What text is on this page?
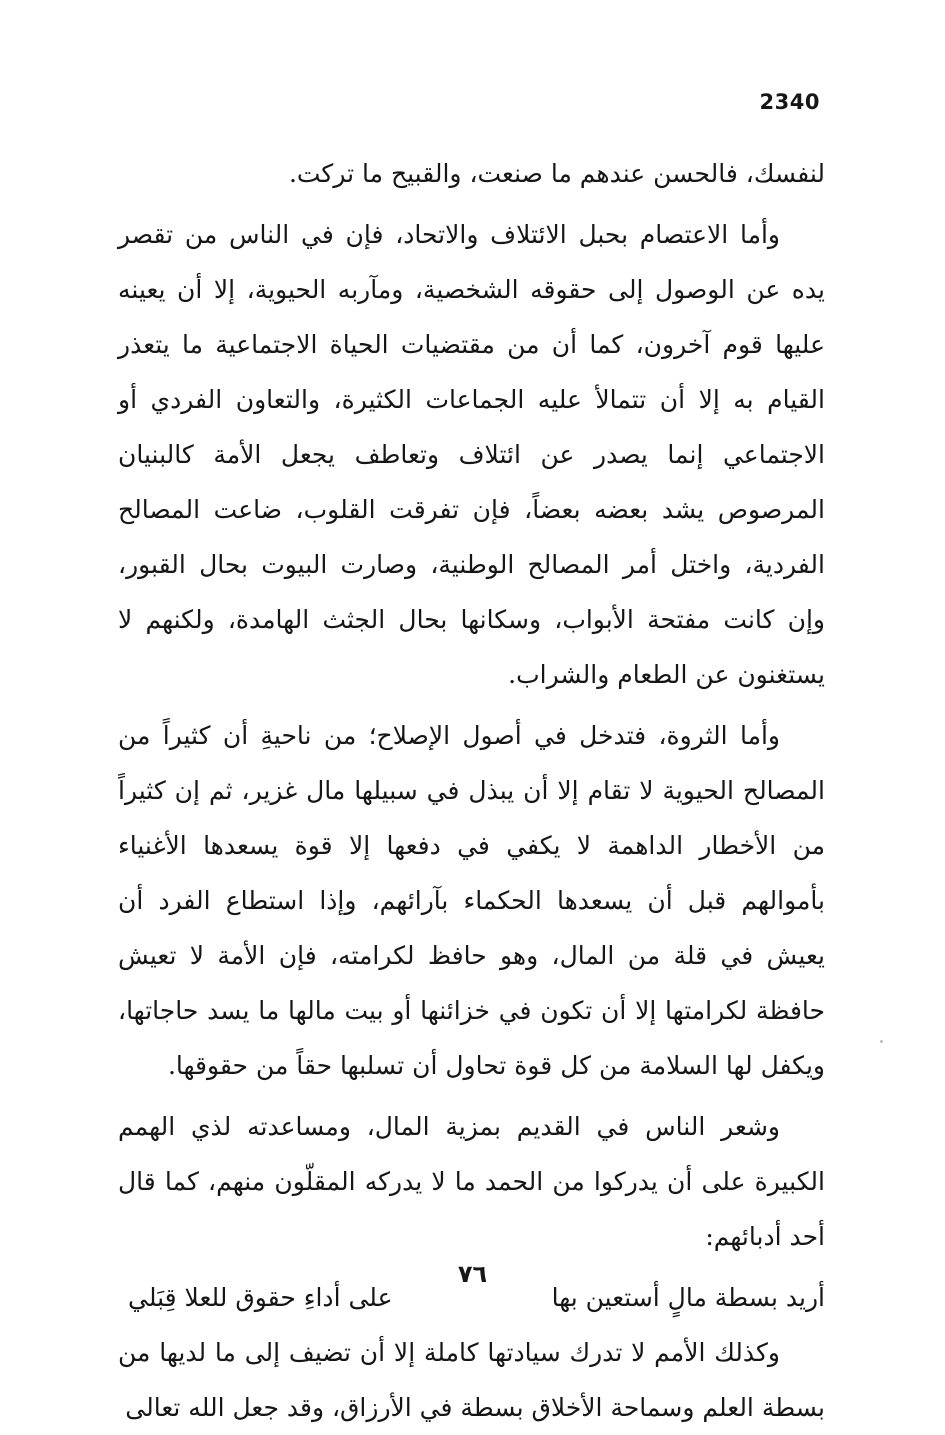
2340

لنفسك، فالحسن عندهم ما صنعت، والقبيح ما تركت.

وأما الاعتصام بحبل الائتلاف والاتحاد، فإن في الناس من تقصر يده عن الوصول إلى حقوقه الشخصية، ومآربه الحيوية، إلا أن يعينه عليها قوم آخرون، كما أن من مقتضيات الحياة الاجتماعية ما يتعذر القيام به إلا أن تتمالأ عليه الجماعات الكثيرة، والتعاون الفردي أو الاجتماعي إنما يصدر عن ائتلاف وتعاطف يجعل الأمة كالبنيان المرصوص يشد بعضه بعضاً، فإن تفرقت القلوب، ضاعت المصالح الفردية، واختل أمر المصالح الوطنية، وصارت البيوت بحال القبور، وإن كانت مفتحة الأبواب، وسكانها بحال الجثث الهامدة، ولكنهم لا يستغنون عن الطعام والشراب.

وأما الثروة، فتدخل في أصول الإصلاح؛ من ناحيةِ أن كثيراً من المصالح الحيوية لا تقام إلا أن يبذل في سبيلها مال غزير، ثم إن كثيراً من الأخطار الداهمة لا يكفي في دفعها إلا قوة يسعدها الأغنياء بأموالهم قبل أن يسعدها الحكماء بآرائهم، وإذا استطاع الفرد أن يعيش في قلة من المال، وهو حافظ لكرامته، فإن الأمة لا تعيش حافظة لكرامتها إلا أن تكون في خزائنها أو بيت مالها ما يسد حاجاتها، ويكفل لها السلامة من كل قوة تحاول أن تسلبها حقاً من حقوقها.

وشعر الناس في القديم بمزية المال، ومساعدته لذي الهمم الكبيرة على أن يدركوا من الحمد ما لا يدركه المقلّون منهم، كما قال أحد أدبائهم:

أريد بسطة مالٍ أستعين بها
على أداءِ حقوق للعلا قِبَلي

وكذلك الأمم لا تدرك سيادتها كاملة إلا أن تضيف إلى ما لديها من بسطة العلم وسماحة الأخلاق بسطة في الأرزاق، وقد جعل الله تعالى

٧٦
